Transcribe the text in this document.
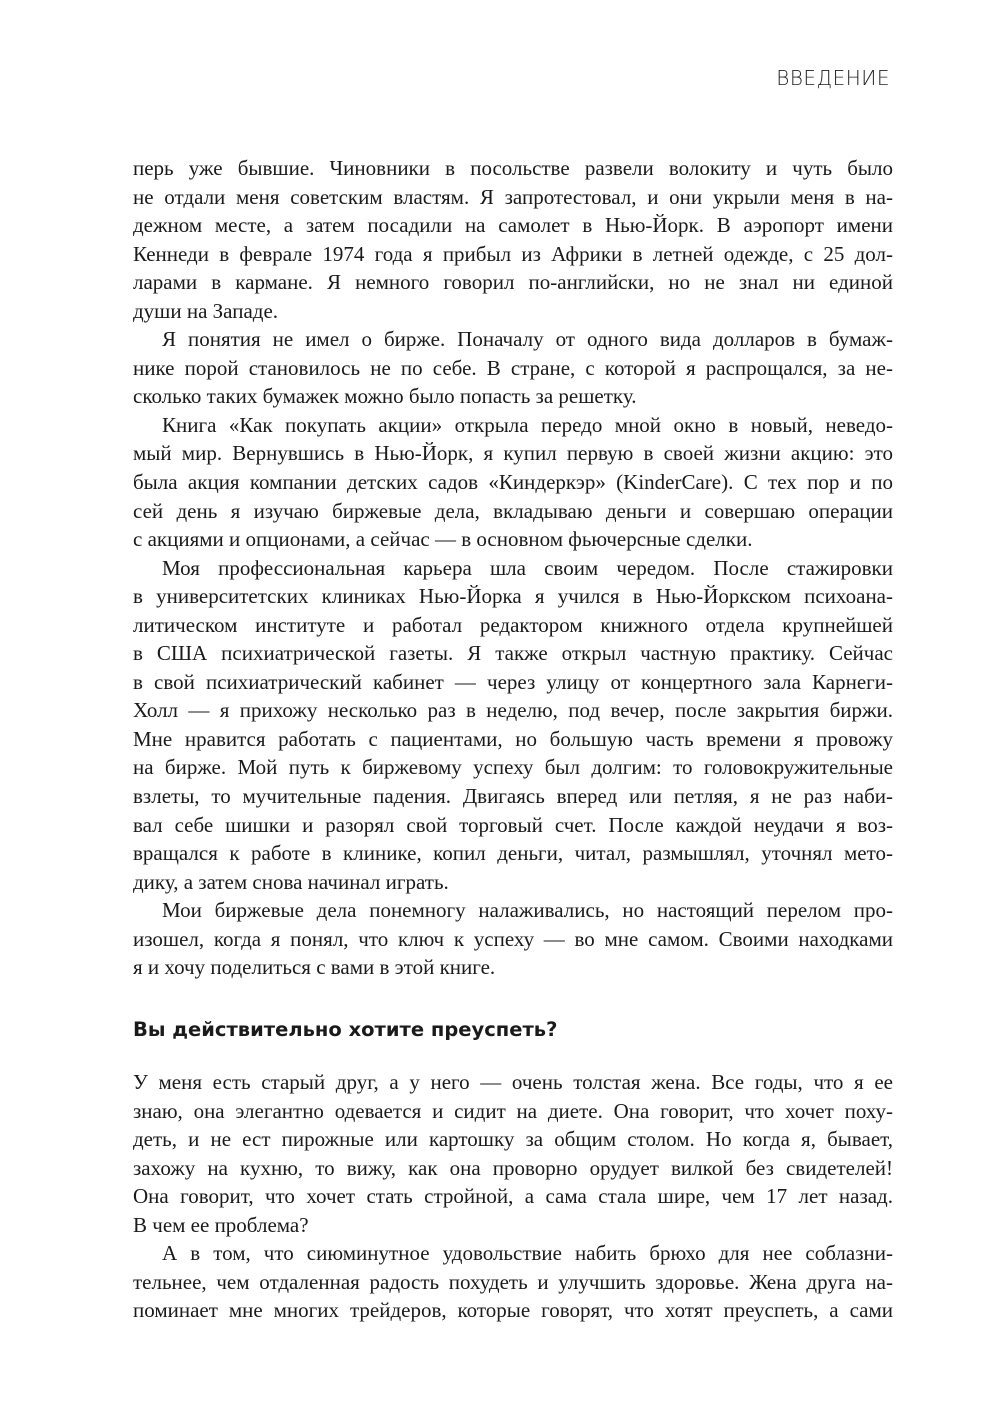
ВВЕДЕНИЕ
перь уже бывшие. Чиновники в посольстве развели волокиту и чуть было
не отдали меня советским властям. Я запротестовал, и они укрыли меня в на-
дежном месте, а затем посадили на самолет в Нью-Йорк. В аэропорт имени
Кеннеди в феврале 1974 года я прибыл из Африки в летней одежде, с 25 дол-
ларами в кармане. Я немного говорил по-английски, но не знал ни единой
души на Западе.
Я понятия не имел о бирже. Поначалу от одного вида долларов в бумаж-
нике порой становилось не по себе. В стране, с которой я распрощался, за не-
сколько таких бумажек можно было попасть за решетку.
Книга «Как покупать акции» открыла передо мной окно в новый, неведо-
мый мир. Вернувшись в Нью-Йорк, я купил первую в своей жизни акцию: это
была акция компании детских садов «Киндеркэр» (KinderCare). С тех пор и по
сей день я изучаю биржевые дела, вкладываю деньги и совершаю операции
с акциями и опционами, а сейчас — в основном фьючерсные сделки.
Моя профессиональная карьера шла своим чередом. После стажировки
в университетских клиниках Нью-Йорка я учился в Нью-Йоркском психоана-
литическом институте и работал редактором книжного отдела крупнейшей
в США психиатрической газеты. Я также открыл частную практику. Сейчас
в свой психиатрический кабинет — через улицу от концертного зала Карнеги-
Холл — я прихожу несколько раз в неделю, под вечер, после закрытия биржи.
Мне нравится работать с пациентами, но большую часть времени я провожу
на бирже. Мой путь к биржевому успеху был долгим: то головокружительные
взлеты, то мучительные падения. Двигаясь вперед или петляя, я не раз наби-
вал себе шишки и разорял свой торговый счет. После каждой неудачи я воз-
вращался к работе в клинике, копил деньги, читал, размышлял, уточнял мето-
дику, а затем снова начинал играть.
Мои биржевые дела понемногу налаживались, но настоящий перелом про-
изошел, когда я понял, что ключ к успеху — во мне самом. Своими находками
я и хочу поделиться с вами в этой книге.
Вы действительно хотите преуспеть?
У меня есть старый друг, а у него — очень толстая жена. Все годы, что я ее
знаю, она элегантно одевается и сидит на диете. Она говорит, что хочет поху-
деть, и не ест пирожные или картошку за общим столом. Но когда я, бывает,
захожу на кухню, то вижу, как она проворно орудует вилкой без свидетелей!
Она говорит, что хочет стать стройной, а сама стала шире, чем 17 лет назад.
В чем ее проблема?
А в том, что сиюминутное удовольствие набить брюхо для нее соблазни-
тельнее, чем отдаленная радость похудеть и улучшить здоровье. Жена друга на-
поминает мне многих трейдеров, которые говорят, что хотят преуспеть, а сами
